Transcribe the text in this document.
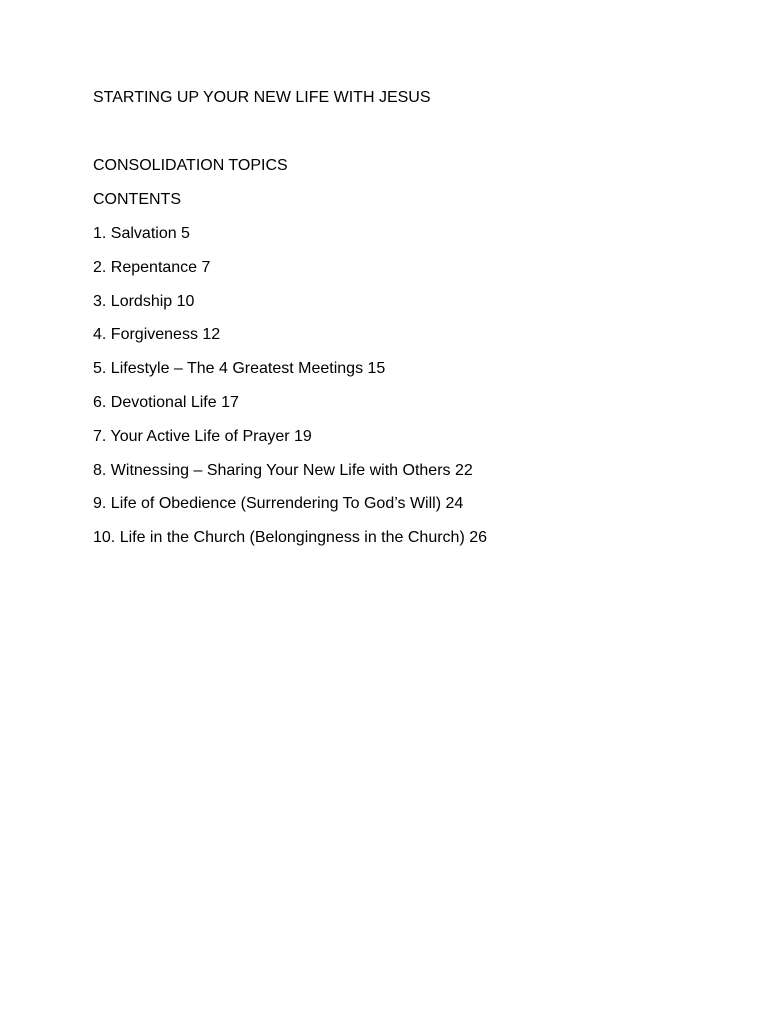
STARTING UP YOUR NEW LIFE WITH JESUS
CONSOLIDATION TOPICS
CONTENTS
1. Salvation 5
2. Repentance 7
3. Lordship 10
4. Forgiveness 12
5. Lifestyle – The 4 Greatest Meetings 15
6. Devotional Life 17
7. Your Active Life of Prayer 19
8. Witnessing – Sharing Your New Life with Others 22
9. Life of Obedience (Surrendering To God’s Will) 24
10. Life in the Church (Belongingness in the Church) 26
